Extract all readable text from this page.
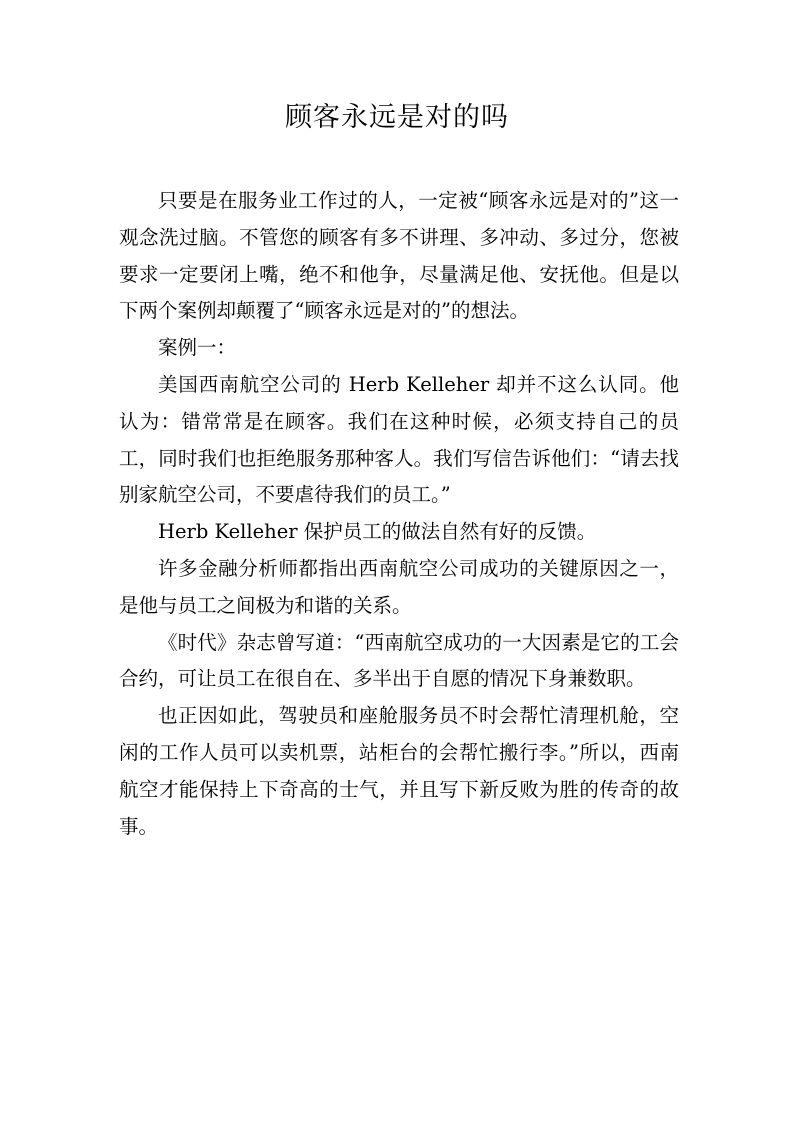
顾客永远是对的吗

只要是在服务业工作过的人，一定被“顾客永远是对的”这一观念洗过脑。不管您的顾客有多不讲理、多冲动、多过分，您被要求一定要闭上嘴，绝不和他争，尽量满足他、安抚他。但是以下两个案例却颠覆了“顾客永远是对的”的想法。

案例一：

美国西南航空公司的 Herb Kelleher 却并不这么认同。他认为：错常常是在顾客。我们在这种时候，必须支持自己的员工，同时我们也拒绝服务那种客人。我们写信告诉他们：“请去找别家航空公司，不要虐待我们的员工。”

Herb Kelleher 保护员工的做法自然有好的反馈。

许多金融分析师都指出西南航空公司成功的关键原因之一，是他与员工之间极为和谐的关系。

《时代》杂志曾写道：“西南航空成功的一大因素是它的工会合约，可让员工在很自在、多半出于自愿的情况下身兼数职。

也正因如此，驾驶员和座舱服务员不时会帮忙清理机舱，空闲的工作人员可以卖机票，站柜台的会帮忙搬行李。”所以，西南航空才能保持上下奇高的士气，并且写下新反败为胜的传奇的故事。
